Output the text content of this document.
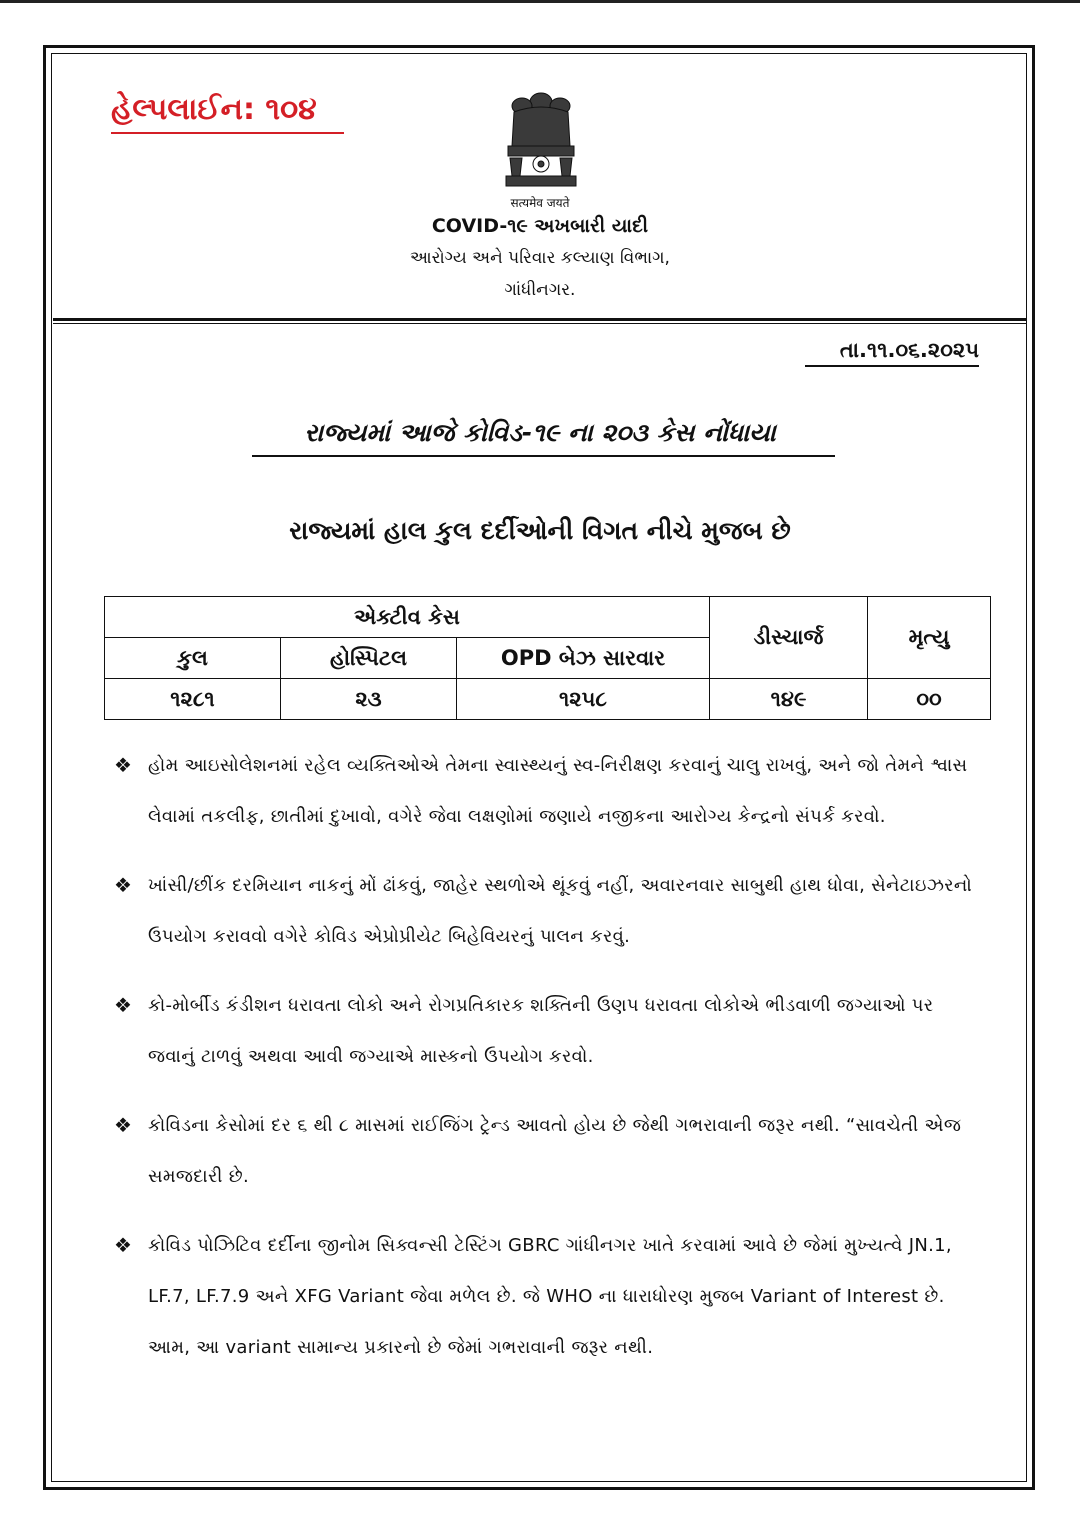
હેલ્પલાઈન: ૧૦૪
सत्यमेव जयते
COVID-૧૯ અખબારી યાદી
આરોગ્ય અને પરિવાર કલ્યાણ વિભાગ,
ગાંધીનગર.
તા.૧૧.૦૬.૨૦૨૫
રાજ્યમાં આજે કોવિડ-૧૯ ના ૨૦૩ કેસ નોંધાયા
રાજ્યમાં હાલ કુલ દર્દીઓની વિગત નીચે મુજબ છે
એક્ટીવ કેસ			ડીસ્ચાર્જ	મૃત્યુ
કુલ	હોસ્પિટલ	OPD બેઝ સારવાર		
૧૨૮૧	૨૩	૧૨૫૮	૧૪૯	૦૦
❖ હોમ આઇસોલેશનમાં રહેલ વ્યક્તિઓએ તેમના સ્વાસ્થ્યનું સ્વ-નિરીક્ષણ કરવાનું ચાલુ રાખવું, અને જો તેમને શ્વાસ લેવામાં તકલીફ, છાતીમાં દુખાવો, વગેરે જેવા લક્ષણોમાં જણાયે નજીકના આરોગ્ય કેન્દ્રનો સંપર્ક કરવો.
❖ ખાંસી/છીંક દરમિયાન નાકનું મોં ઢાંકવું, જાહેર સ્થળોએ થૂંકવું નહીં, અવારનવાર સાબુથી હાથ ધોવા, સેનેટાઇઝરનો ઉપયોગ કરાવવો વગેરે કોવિડ એપ્રોપ્રીયેટ બિહેવિયરનું પાલન કરવું.
❖ કો-મોર્બીડ કંડીશન ધરાવતા લોકો અને રોગપ્રતિકારક શક્તિની ઉણપ ધરાવતા લોકોએ ભીડવાળી જગ્યાઓ પર જવાનું ટાળવું અથવા આવી જગ્યાએ માસ્કનો ઉપયોગ કરવો.
❖ કોવિડના કેસોમાં દર ૬ થી ૮ માસમાં રાઈજિંગ ટ્રેન્ડ આવતો હોય છે જેથી ગભરાવાની જરૂર નથી. “સાવચેતી એજ સમજદારી છે.
❖ કોવિડ પોઝિટિવ દર્દીના જીનોમ સિક્વન્સી ટેસ્ટિંગ GBRC ગાંધીનગર ખાતે કરવામાં આવે છે જેમાં મુખ્યત્વે JN.1, LF.7, LF.7.9 અને XFG Variant જેવા મળેલ છે. જે WHO ના ધારાધોરણ મુજબ Variant of Interest છે. આમ, આ variant સામાન્ય પ્રકારનો છે જેમાં ગભરાવાની જરૂર નથી.
